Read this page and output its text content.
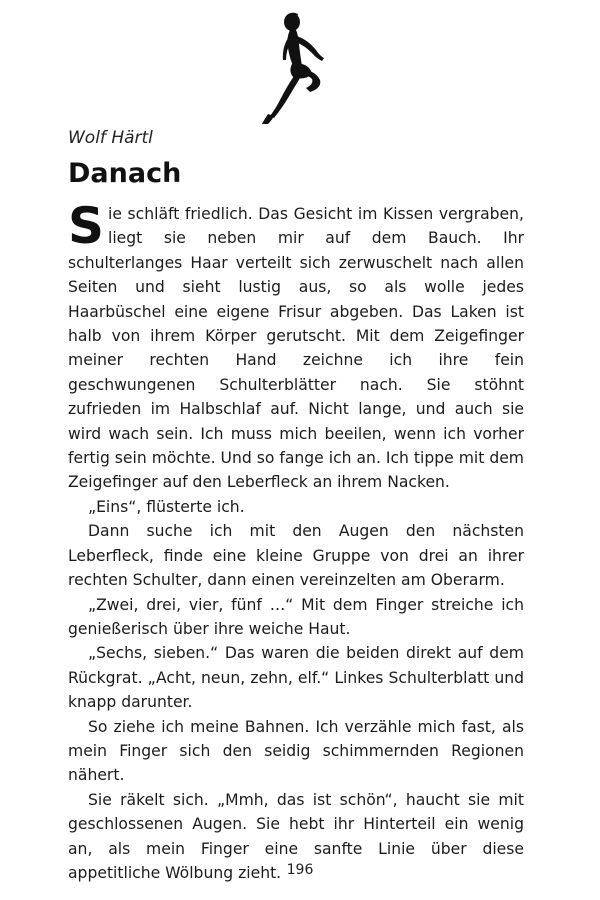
Wolf Härtl
Danach

Sie schläft friedlich. Das Gesicht im Kissen vergraben, liegt sie neben mir auf dem Bauch. Ihr schulterlanges Haar verteilt sich zerwuschelt nach allen Seiten und sieht lustig aus, so als wolle jedes Haarbüschel eine eigene Frisur abgeben. Das Laken ist halb von ihrem Körper gerutscht. Mit dem Zeigefinger meiner rechten Hand zeichne ich ihre fein geschwungenen Schulterblätter nach. Sie stöhnt zufrieden im Halbschlaf auf. Nicht lange, und auch sie wird wach sein. Ich muss mich beeilen, wenn ich vorher fertig sein möchte. Und so fange ich an. Ich tippe mit dem Zeigefinger auf den Leberfleck an ihrem Nacken.

„Eins“, flüsterte ich.

Dann suche ich mit den Augen den nächsten Leberfleck, finde eine kleine Gruppe von drei an ihrer rechten Schulter, dann einen vereinzelten am Oberarm.

„Zwei, drei, vier, fünf …“ Mit dem Finger streiche ich genießerisch über ihre weiche Haut.

„Sechs, sieben.“ Das waren die beiden direkt auf dem Rückgrat. „Acht, neun, zehn, elf.“ Linkes Schulterblatt und knapp darunter.

So ziehe ich meine Bahnen. Ich verzähle mich fast, als mein Finger sich den seidig schimmernden Regionen nähert.

Sie räkelt sich. „Mmh, das ist schön“, haucht sie mit geschlossenen Augen. Sie hebt ihr Hinterteil ein wenig an, als mein Finger eine sanfte Linie über diese appetitliche Wölbung zieht. 196
